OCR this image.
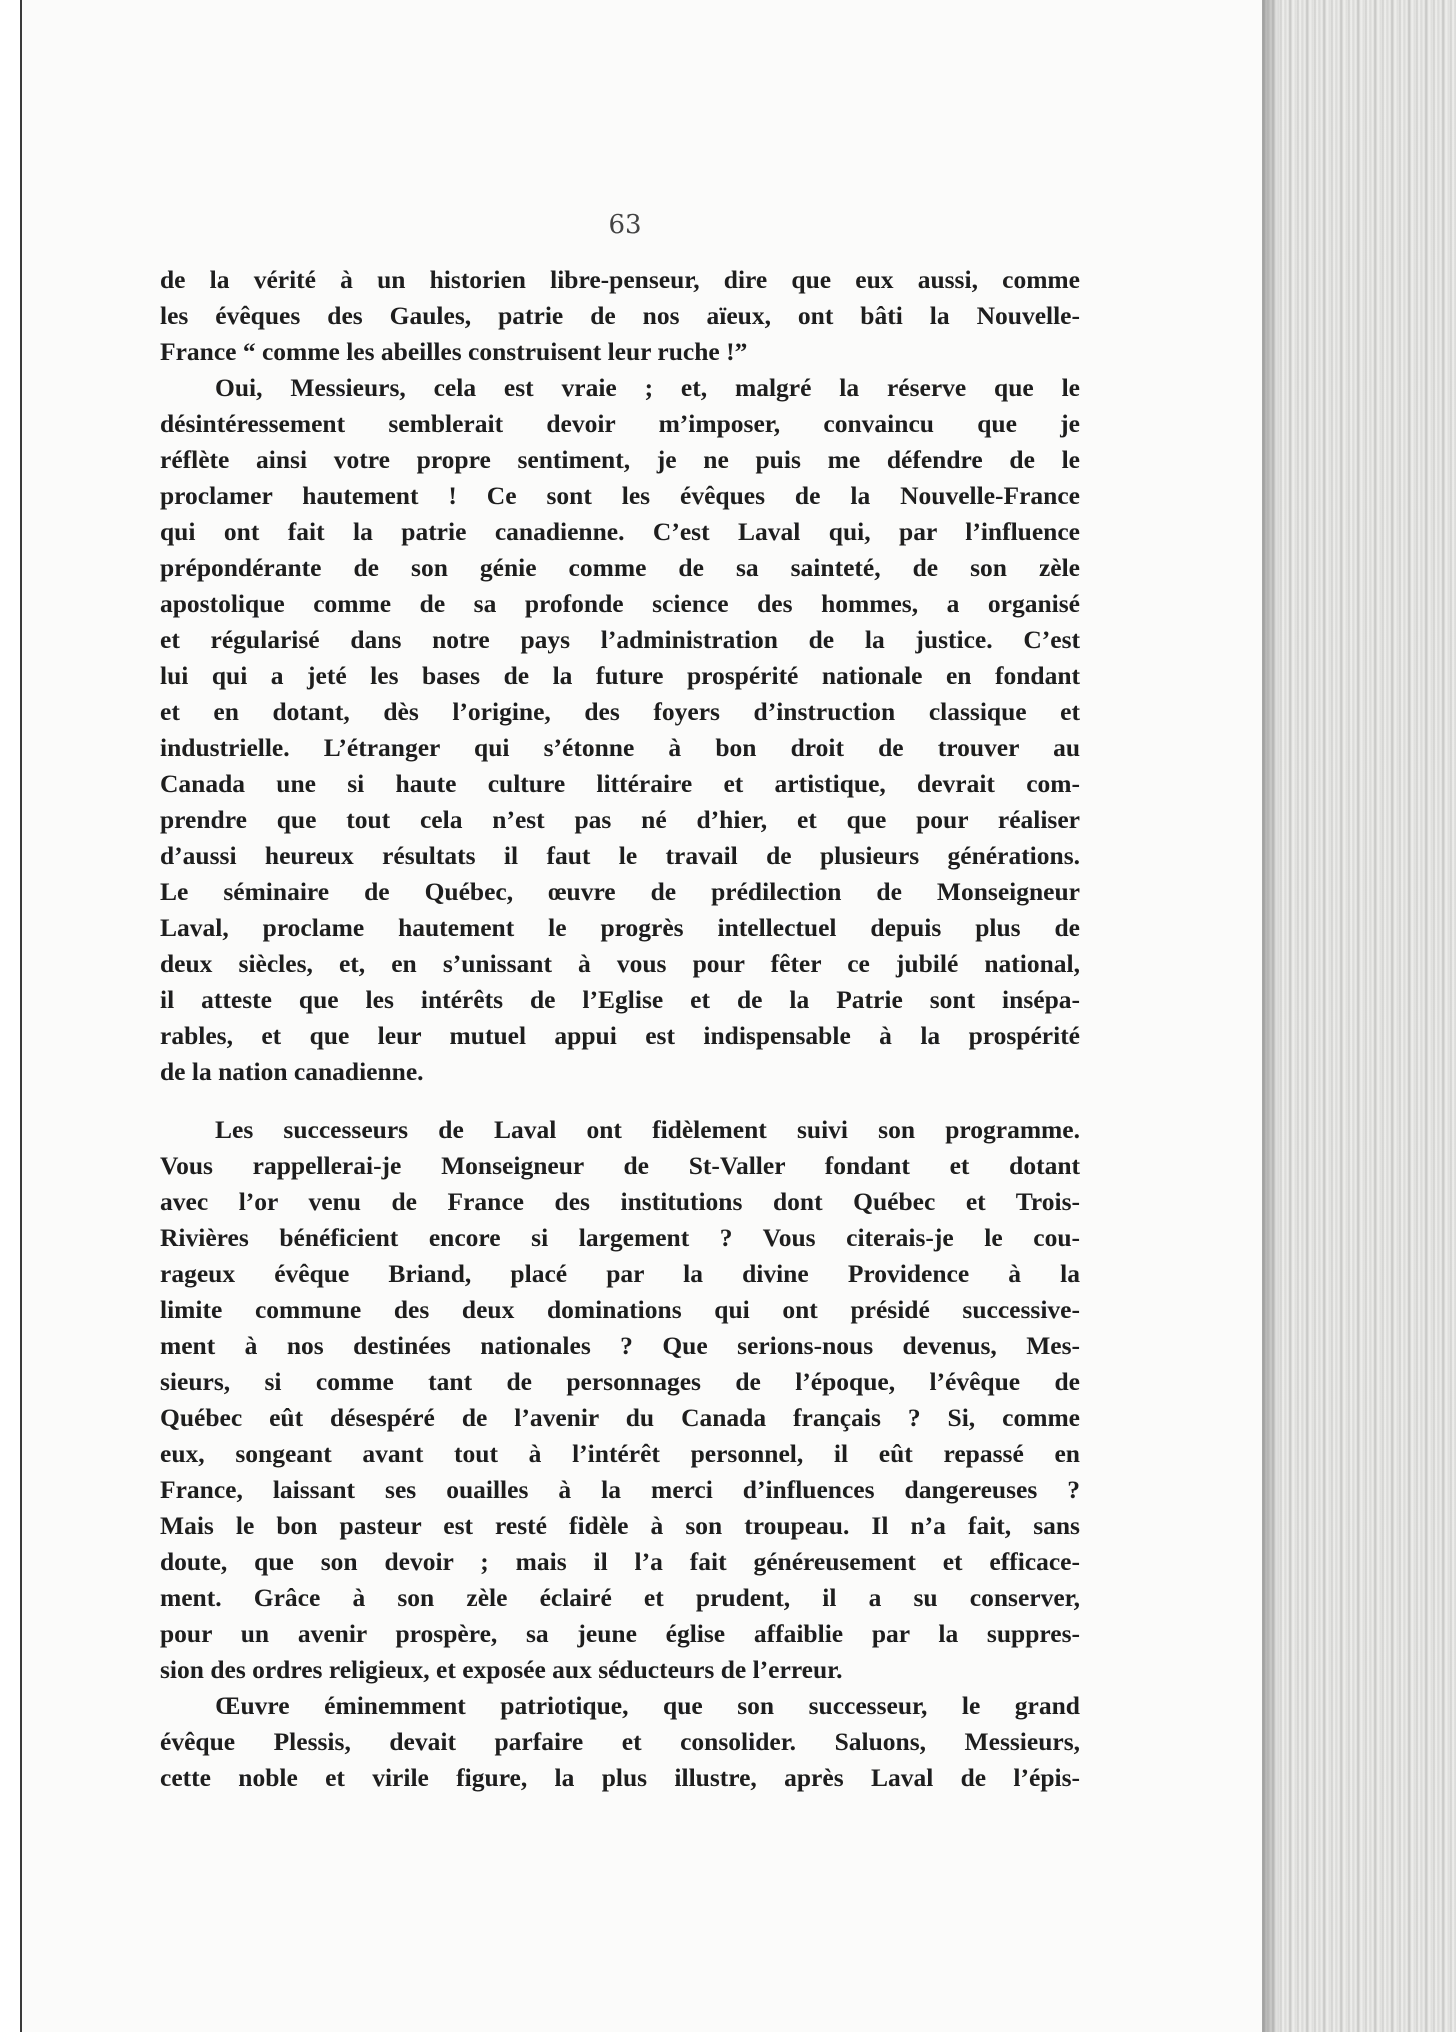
63
de la vérité à un historien libre-penseur, dire que eux aussi, comme
les évêques des Gaules, patrie de nos aïeux, ont bâti la Nouvelle-
France “ comme les abeilles construisent leur ruche !”
Oui, Messieurs, cela est vraie ; et, malgré la réserve que le
désintéressement semblerait devoir m’imposer, convaincu que je
réflète ainsi votre propre sentiment, je ne puis me défendre de le
proclamer hautement ! Ce sont les évêques de la Nouvelle-France
qui ont fait la patrie canadienne. C’est Laval qui, par l’influence
prépondérante de son génie comme de sa sainteté, de son zèle
apostolique comme de sa profonde science des hommes, a organisé
et régularisé dans notre pays l’administration de la justice. C’est
lui qui a jeté les bases de la future prospérité nationale en fondant
et en dotant, dès l’origine, des foyers d’instruction classique et
industrielle. L’étranger qui s’étonne à bon droit de trouver au
Canada une si haute culture littéraire et artistique, devrait com-
prendre que tout cela n’est pas né d’hier, et que pour réaliser
d’aussi heureux résultats il faut le travail de plusieurs générations.
Le séminaire de Québec, œuvre de prédilection de Monseigneur
Laval, proclame hautement le progrès intellectuel depuis plus de
deux siècles, et, en s’unissant à vous pour fêter ce jubilé national,
il atteste que les intérêts de l’Eglise et de la Patrie sont insépa-
rables, et que leur mutuel appui est indispensable à la prospérité
de la nation canadienne.
Les successeurs de Laval ont fidèlement suivi son programme.
Vous rappellerai-je Monseigneur de St-Valler fondant et dotant
avec l’or venu de France des institutions dont Québec et Trois-
Rivières bénéficient encore si largement ? Vous citerais-je le cou-
rageux évêque Briand, placé par la divine Providence à la
limite commune des deux dominations qui ont présidé successive-
ment à nos destinées nationales ? Que serions-nous devenus, Mes-
sieurs, si comme tant de personnages de l’époque, l’évêque de
Québec eût désespéré de l’avenir du Canada français ? Si, comme
eux, songeant avant tout à l’intérêt personnel, il eût repassé en
France, laissant ses ouailles à la merci d’influences dangereuses ?
Mais le bon pasteur est resté fidèle à son troupeau. Il n’a fait, sans
doute, que son devoir ; mais il l’a fait généreusement et efficace-
ment. Grâce à son zèle éclairé et prudent, il a su conserver,
pour un avenir prospère, sa jeune église affaiblie par la suppres-
sion des ordres religieux, et exposée aux séducteurs de l’erreur.
Œuvre éminemment patriotique, que son successeur, le grand
évêque Plessis, devait parfaire et consolider. Saluons, Messieurs,
cette noble et virile figure, la plus illustre, après Laval de l’épis-
